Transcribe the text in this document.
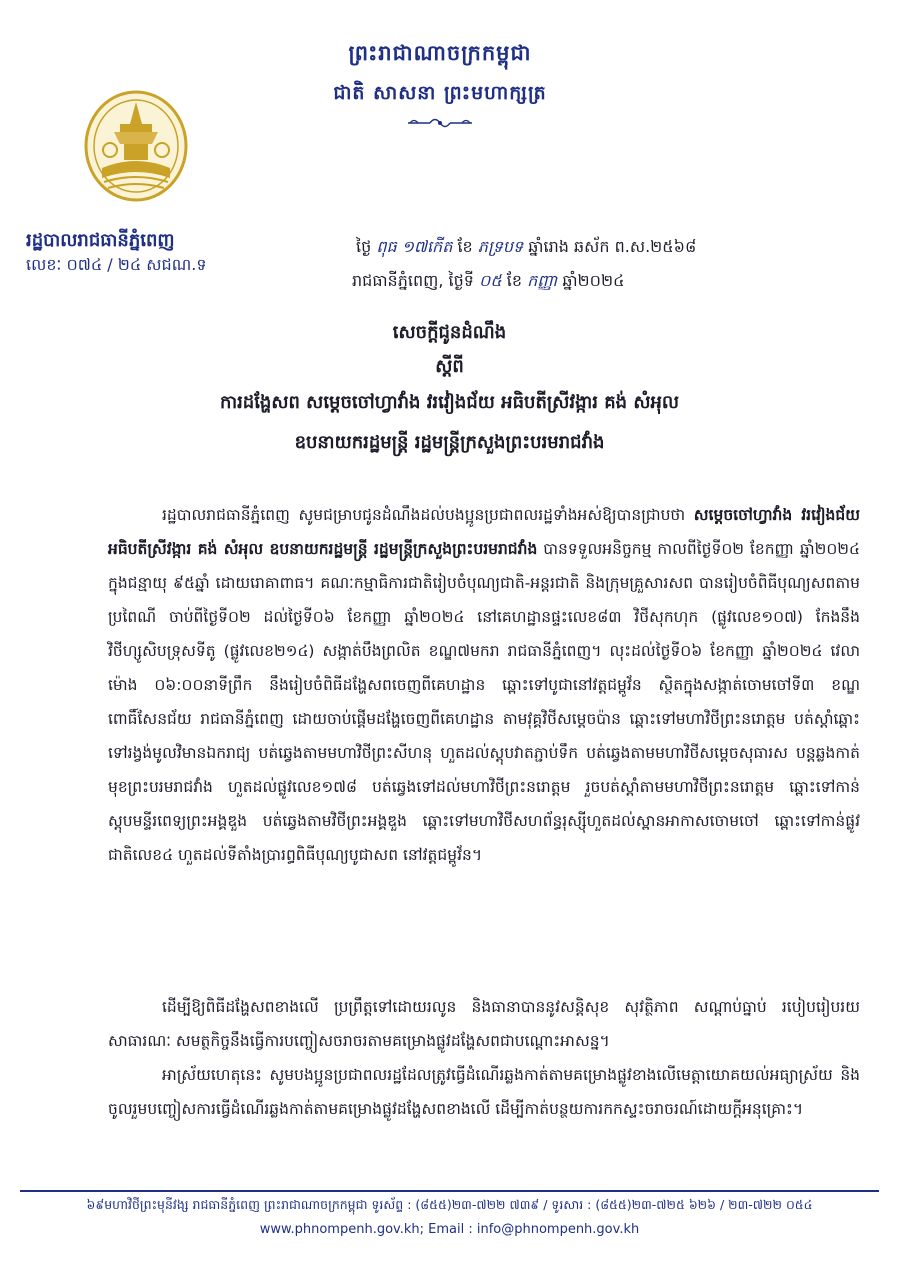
ព្រះរាជាណាចក្រកម្ពុជា
ជាតិ សាសនា ព្រះមហាក្សត្រ
រដ្ឋបាលរាជធានីភ្នំពេញ
លេខៈ ០៧៤ / ២៤ សជណ.ទ
ថ្ងៃ ពុធ ១៧កើត ខែ ភទ្របទ ឆ្នាំរោង ឆស័ក ព.ស.២៥៦៨
រាជធានីភ្នំពេញ, ថ្ងៃទី ០៥ ខែ កញ្ញា ឆ្នាំ២០២៤
សេចក្តីជូនដំណឹង
ស្តីពី
ការដង្ហែសព សម្តេចចៅហ្វាវាំង វរវៀងជ័យ អធិបតីស្រីវង្ការ គង់ សំអុល
ឧបនាយករដ្ឋមន្ត្រី រដ្ឋមន្ត្រីក្រសួងព្រះបរមរាជវាំង
រដ្ឋបាលរាជធានីភ្នំពេញ សូមជម្រាបជូនដំណឹងដល់បងប្អូនប្រជាពលរដ្ឋទាំងអស់ឱ្យបានជ្រាបថា សម្តេចចៅហ្វាវាំង វរវៀងជ័យ អធិបតីស្រីវង្ការ គង់ សំអុល ឧបនាយករដ្ឋមន្ត្រី រដ្ឋមន្ត្រីក្រសួងព្រះបរមរាជវាំង បានទទួលអនិច្ចកម្ម កាលពីថ្ងៃទី០២ ខែកញ្ញា ឆ្នាំ២០២៤ ក្នុងជន្មាយុ ៩៥ឆ្នាំ ដោយរោគាពាធ។ គណៈកម្មាធិការជាតិរៀបចំបុណ្យជាតិ-អន្តរជាតិ និងក្រុមគ្រួសារសព បានរៀបចំពិធីបុណ្យសពតាមប្រពៃណី ចាប់ពីថ្ងៃទី០២ ដល់ថ្ងៃទី០៦ ខែកញ្ញា ឆ្នាំ២០២៤ នៅគេហដ្ឋានផ្ទះលេខ៨៣ វិថីសុកហុក (ផ្លូវលេខ១០៧) កែងនឹងវិថីហ្សូសិបទ្រុសទីតូ (ផ្លូវលេខ២១៤) សង្កាត់បឹងព្រលិត ខណ្ឌ៧មករា រាជធានីភ្នំពេញ។ លុះដល់ថ្ងៃទី០៦ ខែកញ្ញា ឆ្នាំ២០២៤ វេលាម៉ោង ០៦:០០នាទីព្រឹក នឹងរៀបចំពិធីដង្ហែសពចេញពីគេហដ្ឋាន ឆ្ពោះទៅបូជានៅវត្តជម្ពូវ័ន ស្ថិតក្នុងសង្កាត់ចោមចៅទី៣ ខណ្ឌពោធិ៍សែនជ័យ រាជធានីភ្នំពេញ ដោយចាប់ផ្តើមដង្ហែចេញពីគេហដ្ឋាន តាមវុគ្គវិថីសម្តេចប៉ាន ឆ្ពោះទៅមហាវិថីព្រះនរោត្តម បត់ស្តាំឆ្ពោះទៅរង្វង់មូលវិមានឯករាជ្យ បត់ឆ្វេងតាមមហាវិថីព្រះសីហនុ ហួតដល់ស្តុបវាតភ្ជាប់ទឹក បត់ឆ្វេងតាមមហាវិថីសម្តេចសុធារស បន្តឆ្លងកាត់មុខព្រះបរមរាជវាំង ហួតដល់ផ្លូវលេខ១៧៨ បត់ឆ្វេងទៅដល់មហាវិថីព្រះនរោត្តម រួចបត់ស្តាំតាមមហាវិថីព្រះនរោត្តម ឆ្ពោះទៅកាន់ស្តុបមន្ទីរពេទ្យព្រះអង្គឌួង បត់ឆ្វេងតាមវិថីព្រះអង្គឌួង ឆ្ពោះទៅមហាវិថីសហព័ន្ធរុស្ស៊ីហួតដល់ស្ពានអាកាសចោមចៅ ឆ្ពោះទៅកាន់ផ្លូវជាតិលេខ៤ ហួតដល់ទីតាំងប្រារព្ធពិធីបុណ្យបូជាសព នៅវត្តជម្ពូវ័ន។
ដើម្បីឱ្យពិធីដង្ហែសពខាងលើ ប្រព្រឹត្តទៅដោយរលូន និងធានាបាននូវសន្តិសុខ សុវត្ថិភាព សណ្តាប់ធ្នាប់ របៀបរៀបរយសាធារណៈ សមត្ថកិច្ចនឹងធ្វើការបញ្ចៀសចរាចរតាមគម្រោងផ្លូវដង្ហែសពជាបណ្តោះអាសន្ន។
អាស្រ័យហេតុនេះ សូមបងប្អូនប្រជាពលរដ្ឋដែលត្រូវធ្វើដំណើរឆ្លងកាត់តាមគម្រោងផ្លូវខាងលើមេត្តាយោគយល់អធ្យាស្រ័យ និងចូលរួមបញ្ចៀសការធ្វើដំណើរឆ្លងកាត់តាមគម្រោងផ្លូវដង្ហែសពខាងលើ ដើម្បីកាត់បន្ថយការកកស្ទះចរាចរណ៍ដោយក្តីអនុគ្រោះ។
៦៩មហាវិថីព្រះមុនីវង្ស រាជធានីភ្នំពេញ ព្រះរាជាណាចក្រកម្ពុជា ទូរស័ព្ទ : (៨៥៥)២៣-៧២២ ៧៣៩ / ទូរសារ : (៨៥៥)២៣-៧២៥ ៦២៦ / ២៣-៧២២ ០៥៤
www.phnompenh.gov.kh; Email : info@phnompenh.gov.kh
